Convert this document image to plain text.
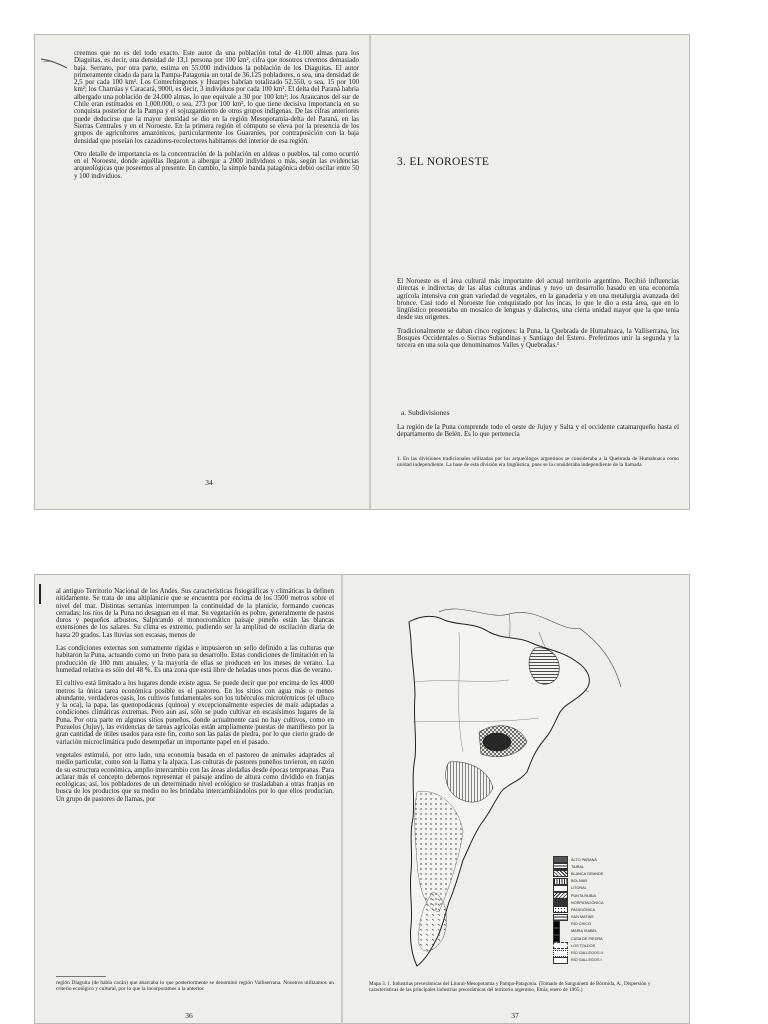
creemos que no es del todo exacto. Este autor da una población total de 41.000 almas para los Diaguitas, es decir, una densidad de 13,1 persona por 100 km², cifra que nosotros creemos demasiado baja. Serrano, por otra parte, estima en 55.000 individuos la población de los Diaguitas. El autor primeramente citado da para la Pampa-Patagonia un total de 36.125 pobladores, o sea, una densidad de 2,5 por cada 100 km². Los Comechingones y Huarpes habrían totalizado 52.550, o sea, 15 por 100 km²; los Charrúas y Caracará, 9000, es decir, 3 individuos por cada 100 km². El delta del Paraná habría albergado una población de 24.000 almas, lo que equivale a 30 por 100 km²; los Araucanos del sur de Chile eran estimados en 1.000.000, o sea, 273 por 100 km², lo que tiene decisiva importancia en su conquista posterior de la Pampa y el sojuzgamiento de otros grupos indígenas. De las cifras anteriores puede deducirse que la mayor densidad se dio en la región Mesopotamia-delta del Paraná, en las Sierras Centrales y en el Noroeste. En la primera región el cómputo se eleva por la presencia de los grupos de agricultores amazónicos, particularmente los Guaraníes, por contraposición con la baja densidad que poseían los cazadores-recolectores habitantes del interior de esa región.

Otro detalle de importancia es la concentración de la población en aldeas o pueblos, tal como ocurrió en el Noroeste, donde aquéllas llegaron a albergar a 2000 individuos o más, según las evidencias arqueológicas que poseemos al presente. En cambio, la simple banda patagónica debió oscilar entre 50 y 100 individuos.

34
3. EL NOROESTE

El Noroeste es el área cultural más importante del actual territorio argentino. Recibió influencias directas e indirectas de las altas culturas andinas y tuvo un desarrollo basado en una economía agrícola intensiva con gran variedad de vegetales, en la ganadería y en una metalurgia avanzada del bronce. Casi todo el Noroeste fue conquistado por los incas, lo que le dio a esta área, que en lo lingüístico presentaba un mosaico de lenguas y dialectos, una cierta unidad mayor que la que tenía desde sus orígenes.

Tradicionalmente se daban cinco regiones: la Puna, la Quebrada de Humahuaca, la Valliserrana, los Bosques Occidentales o Sierras Subandinas y Santiago del Estero. Preferimos unir la segunda y la tercera en una sola que denominamos Valles y Quebradas.¹

a. Subdivisiones

La región de la Puna comprende todo el oeste de Jujuy y Salta y el occidente catamarqueño hasta el departamento de Belén. Es lo que pertenecía

1. En las divisiones tradicionales utilizadas por los arqueólogos argentinos se consideraba a la Quebrada de Humahuaca como unidad independiente. La base de esta división era lingüística, pues se la consideraba independiente de la llamada

al antiguo Territorio Nacional de los Andes. Sus características fisiográficas y climáticas la definen nítidamente. Se trata de una altiplanicie que se encuentra por encima de los 3500 metros sobre el nivel del mar. Distintas serranías interrumpen la continuidad de la planicie, formando cuencas cerradas; los ríos de la Puna no desaguan en el mar. Su vegetación es pobre, generalmente de pastos duros y pequeños arbustos. Salpicando el monocromático paisaje puneño están las blancas extensiones de los salares. Su clima es extremo, pudiendo ser la amplitud de oscilación diaria de hasta 20 grados. Las lluvias son escasas, menos de

Las condiciones externas son sumamente rígidas e impusieron un sello definido a las culturas que habitaron la Puna, actuando como un freno para su desarrollo. Estas condiciones de limitación en la producción de 100 mm anuales, y la mayoría de ellas se producen en los meses de verano. La humedad relativa es sólo del 48 %. Es una zona que está libre de heladas unos pocos días de verano.

El cultivo está limitado a los lugares donde existe agua. Se puede decir que por encima de los 4000 metros la única tarea económica posible es el pastoreo. En los sitios con agua más o menos abundante, verdaderos oasis, los cultivos fundamentales son los tubérculos microtérmicos (el ulluco y la oca), la papa, las quenopodáceas (quinoa) y excepcionalmente especies de maíz adaptadas a condiciones climáticas extremas. Pero aun así, sólo se pudo cultivar en escasísimos lugares de la Puna. Por otra parte en algunos sitios puneños, donde actualmente casi no hay cultivos, como en Pozuelos (Jujuy), las evidencias de tareas agrícolas están ampliamente puestas de manifiesto por la gran cantidad de útiles usados para este fin, como son las palas de piedra, por lo que cierto grado de variación microclimática pudo desempeñar un importante papel en el pasado.

vegetales estimuló, por otro lado, una economía basada en el pastoreo de animales adaptados al medio particular, como son la llama y la alpaca. Las culturas de pastores puneños tuvieron, en razón de su estructura económica, amplio intercambio con las áreas aledañas desde épocas tempranas. Para aclarar más el concepto debemos representar el paisaje andino de altura como dividido en franjas ecológicas; así, los pobladores de un determinado nivel ecológico se trasladaban a otras franjas en busca de los productos que su medio no les brindaba intercambiándolos por lo que ellos producían. Un grupo de pastores de llamas, por

región Diaguita (de habla cacán) que abarcaba lo que posteriormente se denominó región Valliserrana. Nosotros utilizamos un criterio ecológico y cultural, por lo que la incorporamos a la anterior.
36
ALTO PARANÁ
TAIRAL
BLANCA GRANDE
BOLIVAR
LITORAL
PUNTA RUBIA
NORPATAGÓNICA
PATAGÓNICA
SAN MATÍAS
RÍO CHICO
MARIA ISABEL
CASA DE PIEDRA
LOS TOLDOS
RÍO GALLEGOS II
RÍO GALLEGOS I
Mapa 3. 1. Industrias precerámicas del Litoral-Mesopotamia y Pampa-Patagonia. (Tomado de Sanguinetti de Bórmida, A., Dispersión y características de las principales industrias precerámicas del territorio argentino, Etnía, enero de 1965.)
37
